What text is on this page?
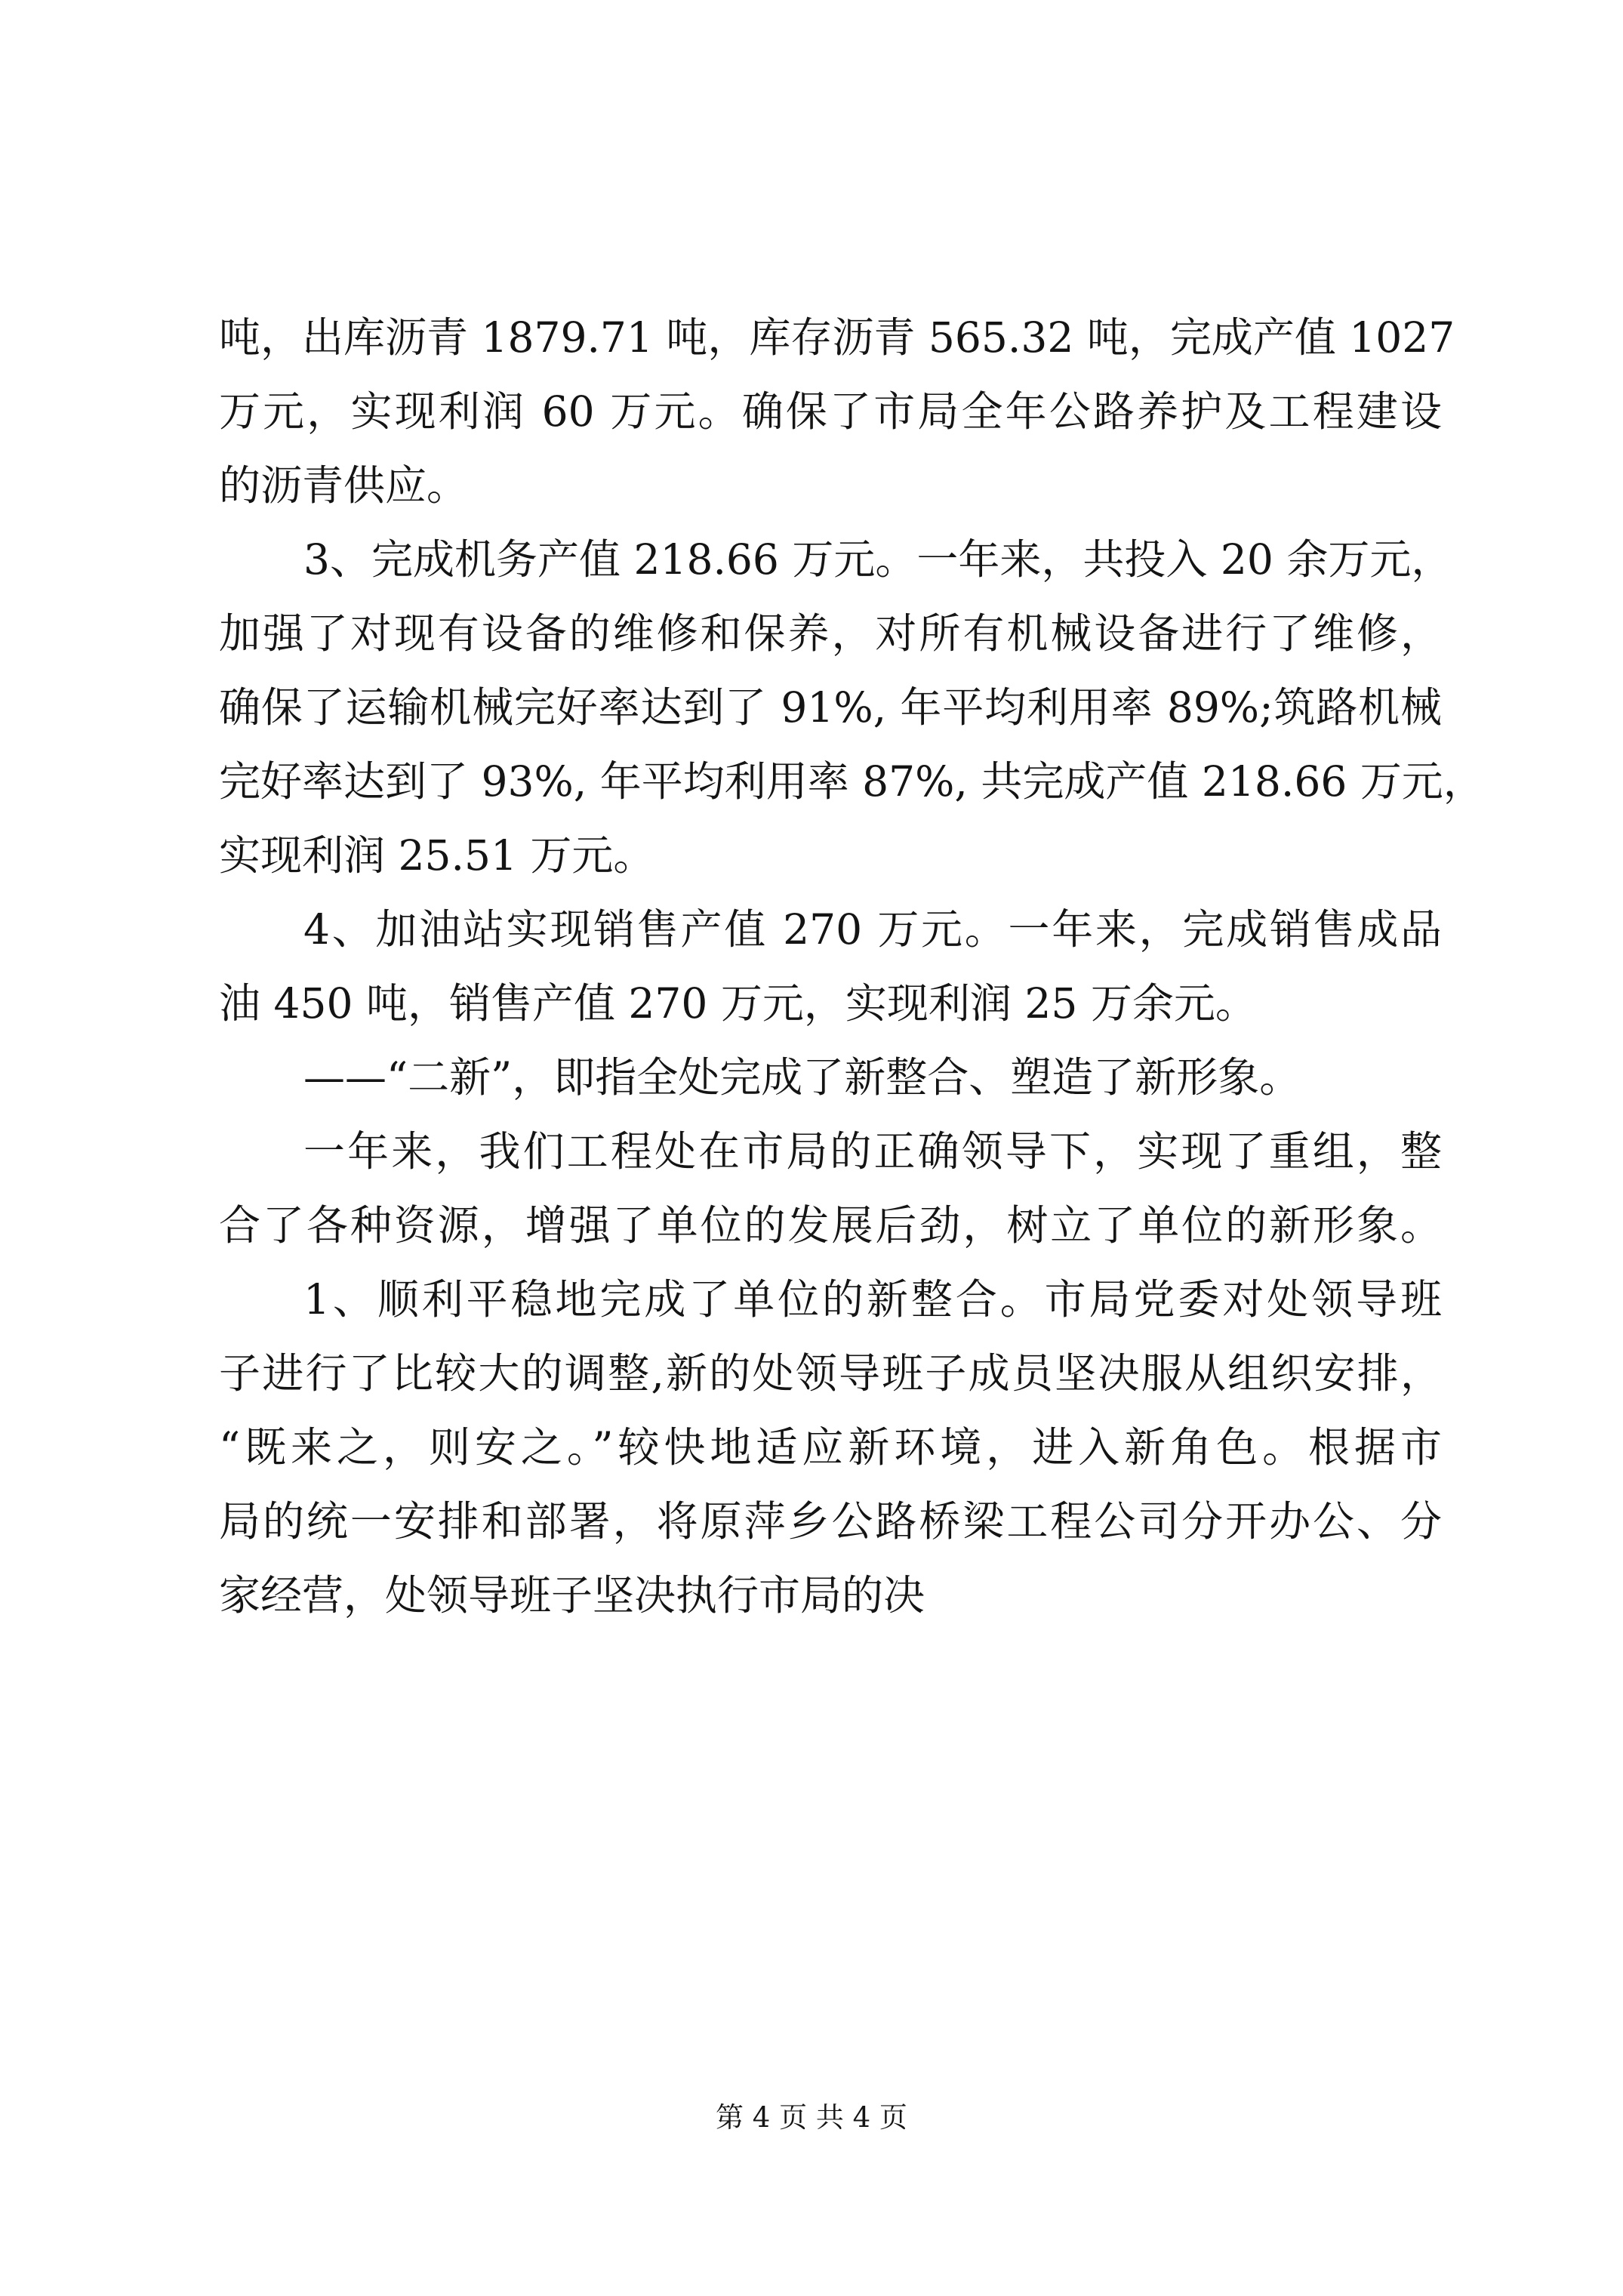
吨，出库沥青 1879.71 吨，库存沥青 565.32 吨，完成产值 1027

万元，实现利润 60 万元。确保了市局全年公路养护及工程建设

的沥青供应。

3、完成机务产值 218.66 万元。一年来，共投入 20 余万元，

加强了对现有设备的维修和保养，对所有机械设备进行了维修，

确保了运输机械完好率达到了 91%, 年平均利用率 89%;筑路机械

完好率达到了 93%, 年平均利用率 87%, 共完成产值 218.66 万元，

实现利润 25.51 万元。

4、加油站实现销售产值 270 万元。一年来，完成销售成品

油 450 吨，销售产值 270 万元，实现利润 25 万余元。

——“二新”，即指全处完成了新整合、塑造了新形象。

一年来，我们工程处在市局的正确领导下，实现了重组，整

合了各种资源，增强了单位的发展后劲，树立了单位的新形象。

1、顺利平稳地完成了单位的新整合。市局党委对处领导班

子进行了比较大的调整,新的处领导班子成员坚决服从组织安排，

“既来之，则安之。”较快地适应新环境，进入新角色。根据市

局的统一安排和部署，将原萍乡公路桥梁工程公司分开办公、分

家经营，处领导班子坚决执行市局的决

第 4 页 共 4 页
